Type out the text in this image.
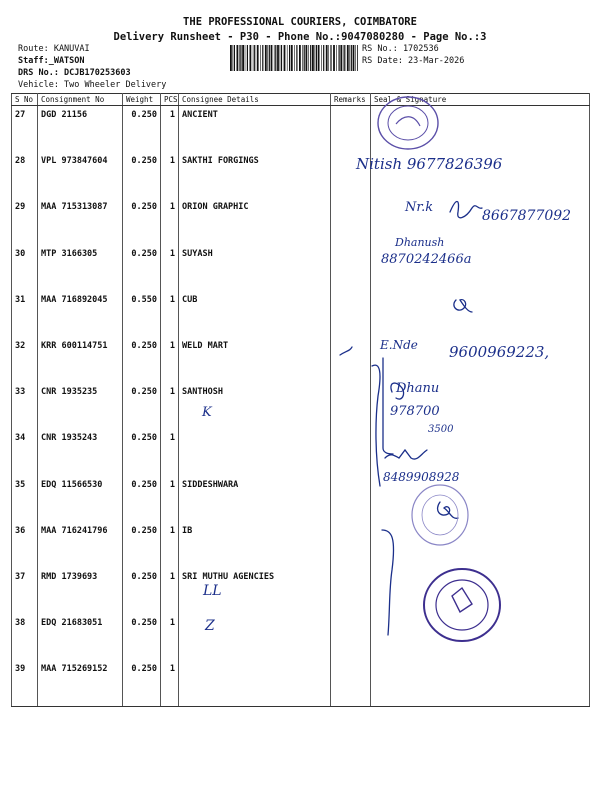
THE PROFESSIONAL COURIERS, COIMBATORE
Delivery Runsheet - P30 - Phone No.:9047080280 - Page No.:3
Route: KANUVAI
Staff:_WATSON
DRS No.: DCJB170253603
Vehicle: Two Wheeler Delivery
RS No.: 1702536
RS Date: 23-Mar-2026
S No	Consignment No	Weight	PCS	Consignee Details	Remarks	Seal & Signature
27	DGD 21156	0.250	1	ANCIENT		
28	VPL 973847604	0.250	1	SAKTHI FORGINGS		
29	MAA 715313087	0.250	1	ORION GRAPHIC		
30	MTP 3166305	0.250	1	SUYASH		
31	MAA 716892045	0.550	1	CUB		
32	KRR 600114751	0.250	1	WELD MART		
33	CNR 1935235	0.250	1	SANTHOSH		
34	CNR 1935243	0.250	1			
35	EDQ 11566530	0.250	1	SIDDESHWARA		
36	MAA 716241796	0.250	1	IB		
37	RMD 1739693	0.250	1	SRI MUTHU AGENCIES		
38	EDQ 21683051	0.250	1			
39	MAA 715269152	0.250	1			
Nitish 9677826396
Nr.k
8667877092
Dhanush
8870242466a
E.Nde 9600969223,
Dhanu
978700
3500
8489908928
K
LL
Z
